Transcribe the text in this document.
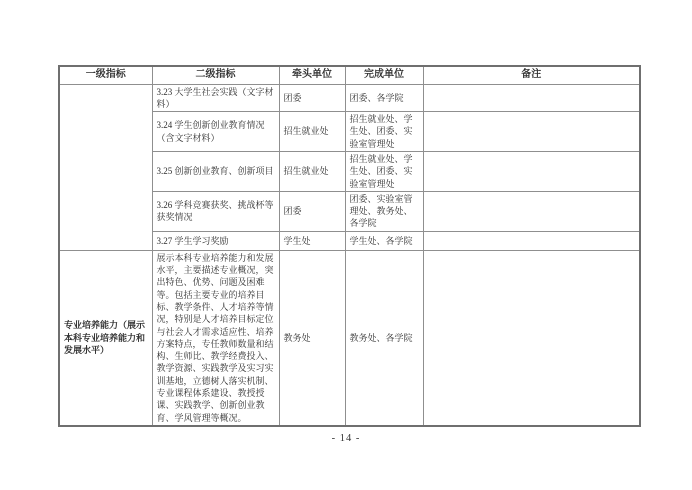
一级指标	二级指标	牵头单位	完成单位	备注
	3.23 大学生社会实践（文字材料）	团委	团委、各学院	
	3.24 学生创新创业教育情况（含文字材料）	招生就业处	招生就业处、学生处、团委、实验室管理处	
	3.25 创新创业教育、创新项目	招生就业处	招生就业处、学生处、团委、实验室管理处	
	3.26 学科竞赛获奖、挑战杯等获奖情况	团委	团委、实验室管理处、教务处、各学院	
	3.27 学生学习奖励	学生处	学生处、各学院	
专业培养能力（展示本科专业培养能力和发展水平）	展示本科专业培养能力和发展水平，主要描述专业概况，突出特色、优势、问题及困难等。包括主要专业的培养目标、教学条件、人才培养等情况，特别是人才培养目标定位与社会人才需求适应性、培养方案特点，专任教师数量和结构、生师比、教学经费投入、教学资源、实践教学及实习实训基地，立德树人落实机制、专业课程体系建设、教授授课、实践教学、创新创业教育、学风管理等概况。	教务处	教务处、各学院	
- 14 -
